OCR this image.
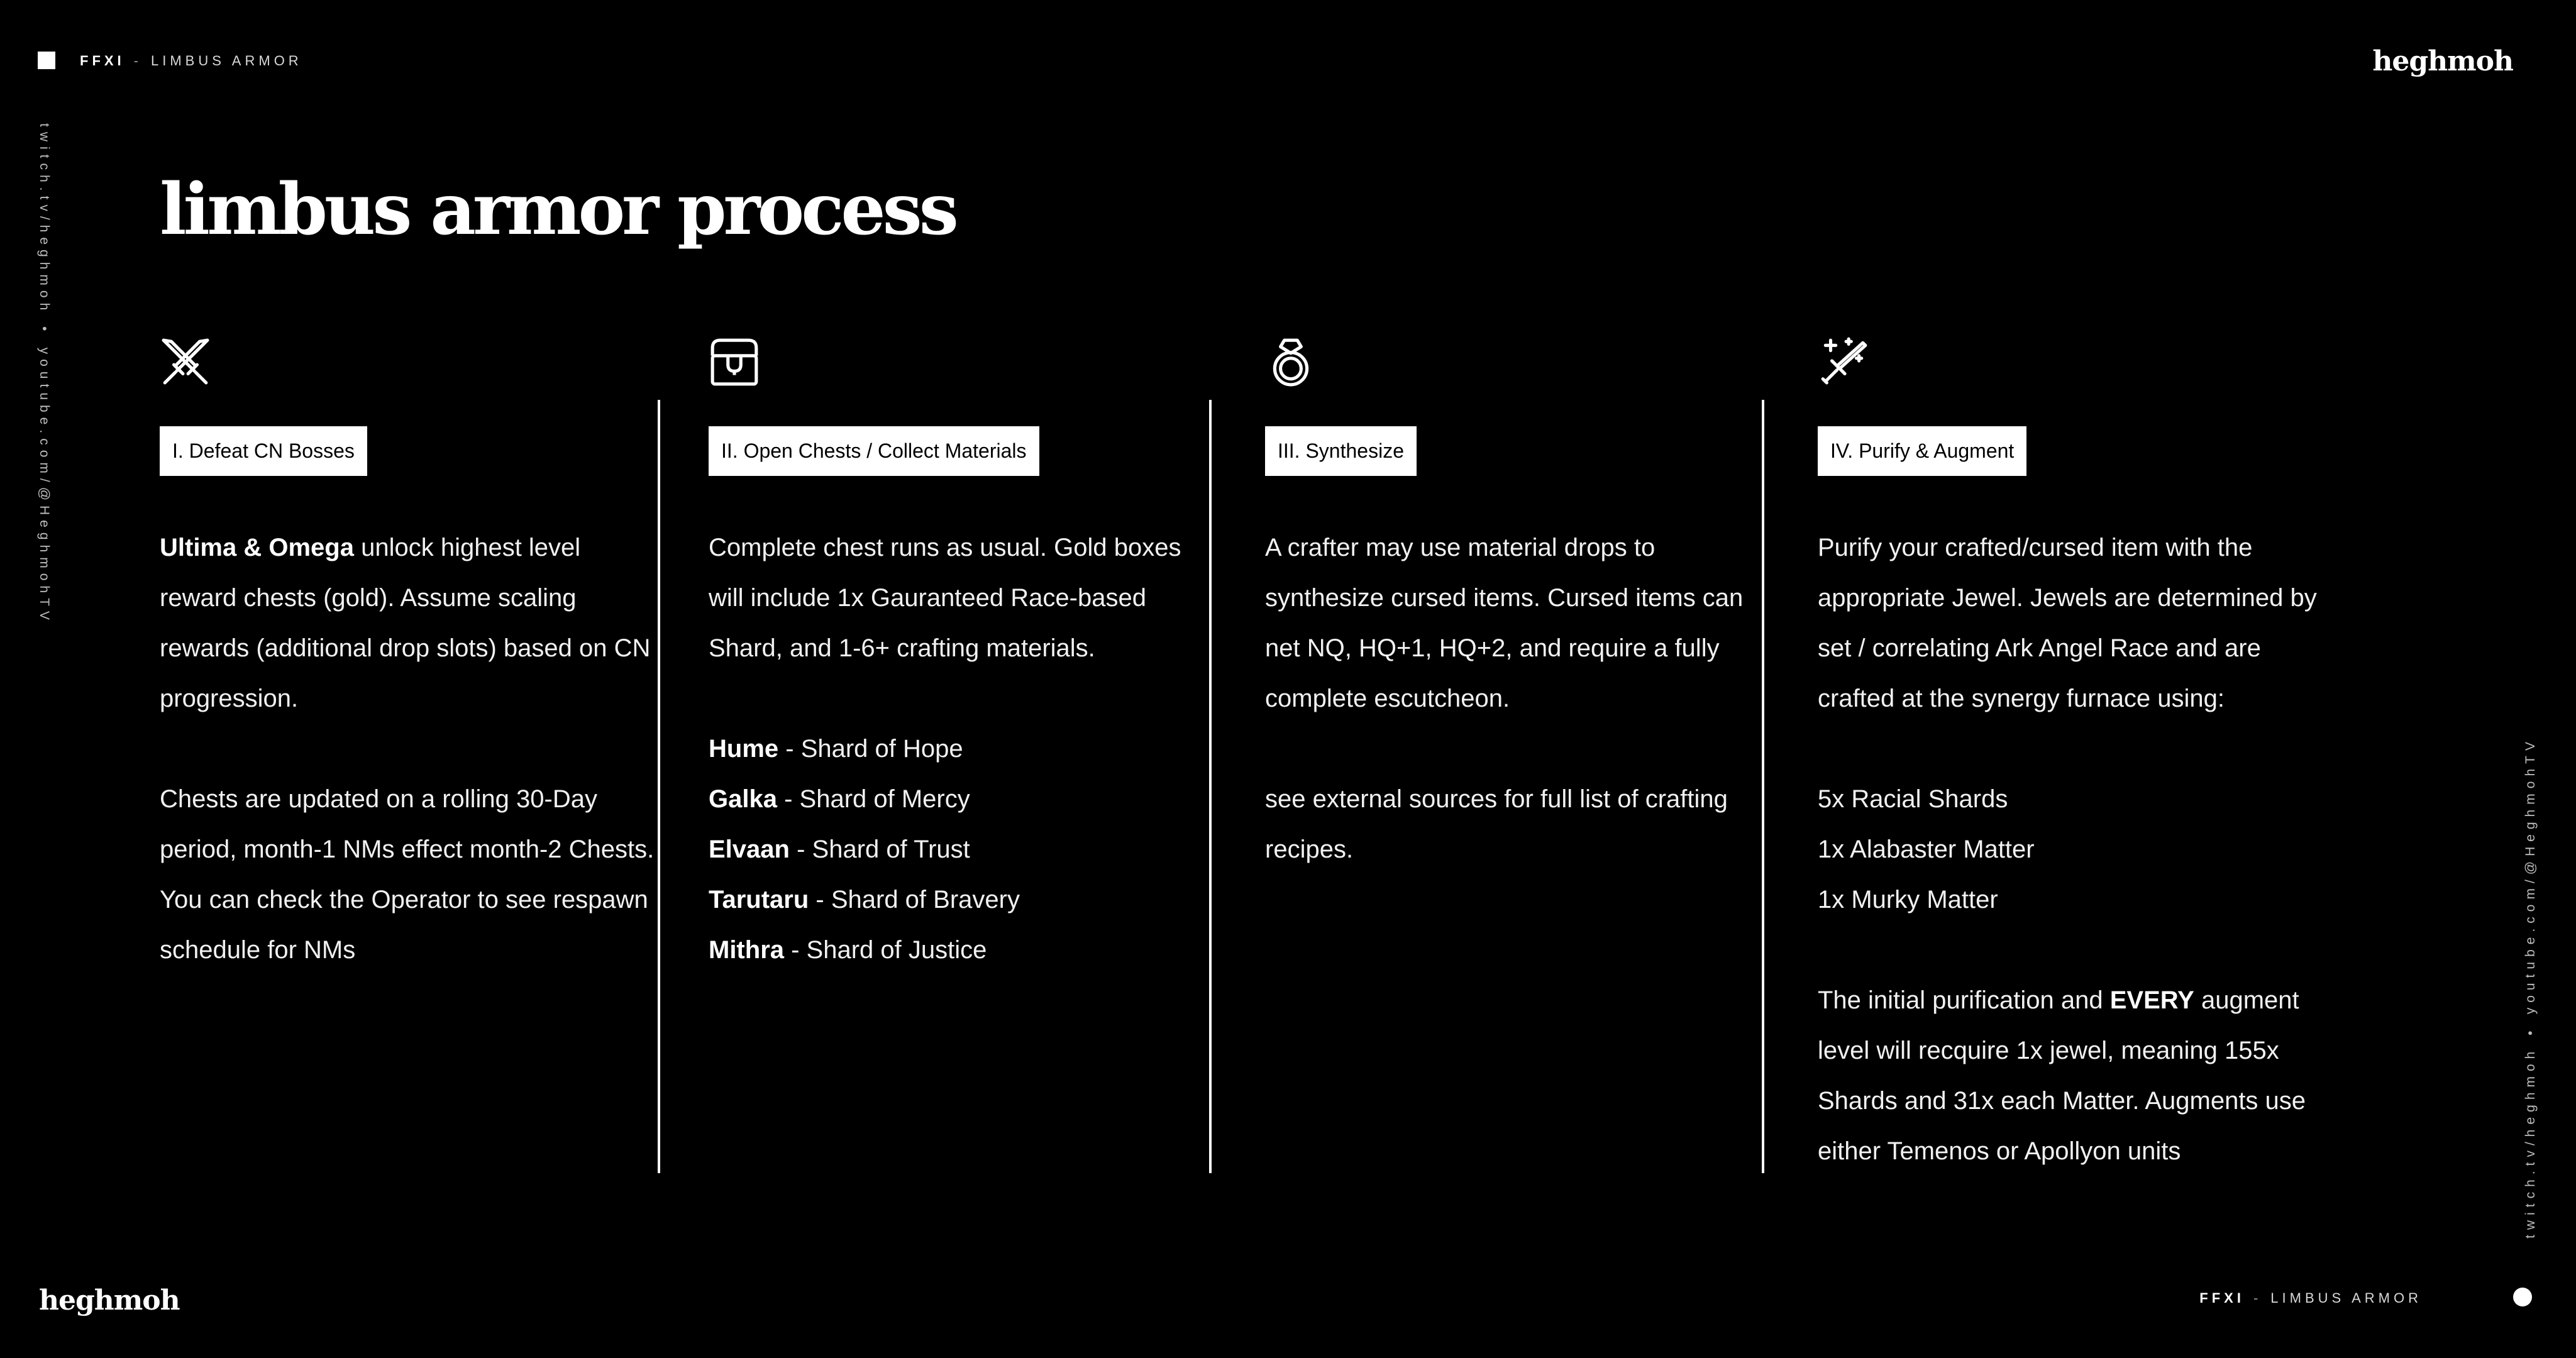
FFXI - LIMBUS ARMOR	heghmoh
twitch.tv/heghmoh•youtube.com/@HeghmohTV
twitch.tv/heghmoh•youtube.com/@HeghmohTV
limbus armor process
I. Defeat CN Bosses

Ultima & Omega unlock highest level reward chests (gold). Assume scaling rewards (additional drop slots) based on CN progression.

Chests are updated on a rolling 30-Day period, month-1 NMs effect month-2 Chests. You can check the Operator to see respawn schedule for NMs

II. Open Chests / Collect Materials

Complete chest runs as usual. Gold boxes will include 1x Gauranteed Race-based Shard, and 1-6+ crafting materials.

Hume - Shard of Hope

Galka - Shard of Mercy

Elvaan - Shard of Trust

Tarutaru - Shard of Bravery

Mithra - Shard of Justice

III. Synthesize

A crafter may use material drops to synthesize cursed items. Cursed items can net NQ, HQ+1, HQ+2, and require a fully complete escutcheon.

see external sources for full list of crafting recipes.

IV. Purify & Augment

Purify your crafted/cursed item with the appropriate Jewel. Jewels are determined by set / correlating Ark Angel Race and are crafted at the synergy furnace using:

5x Racial Shards

1x Alabaster Matter

1x Murky Matter

The initial purification and EVERY augment level will recquire 1x jewel, meaning 155x Shards and 31x each Matter. Augments use either Temenos or Apollyon units

heghmoh	FFXI - LIMBUS ARMOR
